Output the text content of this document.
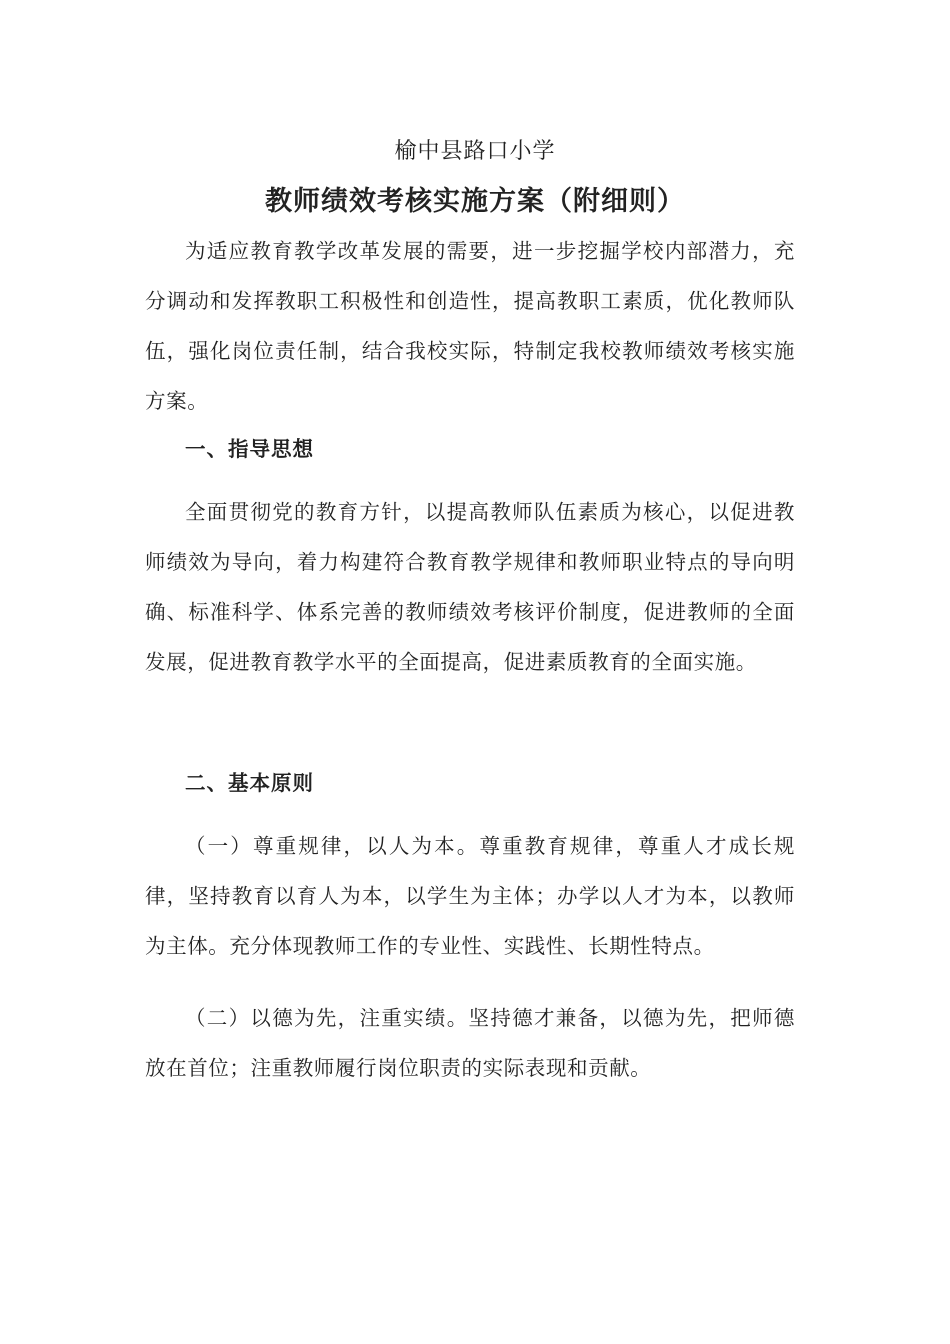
榆中县路口小学
教师绩效考核实施方案（附细则）
为适应教育教学改革发展的需要，进一步挖掘学校内部潜力，充分调动和发挥教职工积极性和创造性，提高教职工素质，优化教师队伍，强化岗位责任制，结合我校实际，特制定我校教师绩效考核实施方案。
一、指导思想
全面贯彻党的教育方针，以提高教师队伍素质为核心，以促进教师绩效为导向，着力构建符合教育教学规律和教师职业特点的导向明确、标准科学、体系完善的教师绩效考核评价制度，促进教师的全面发展，促进教育教学水平的全面提高，促进素质教育的全面实施。
二、基本原则
（一）尊重规律，以人为本。尊重教育规律，尊重人才成长规律，坚持教育以育人为本，以学生为主体；办学以人才为本，以教师为主体。充分体现教师工作的专业性、实践性、长期性特点。
（二）以德为先，注重实绩。坚持德才兼备，以德为先，把师德放在首位；注重教师履行岗位职责的实际表现和贡献。
